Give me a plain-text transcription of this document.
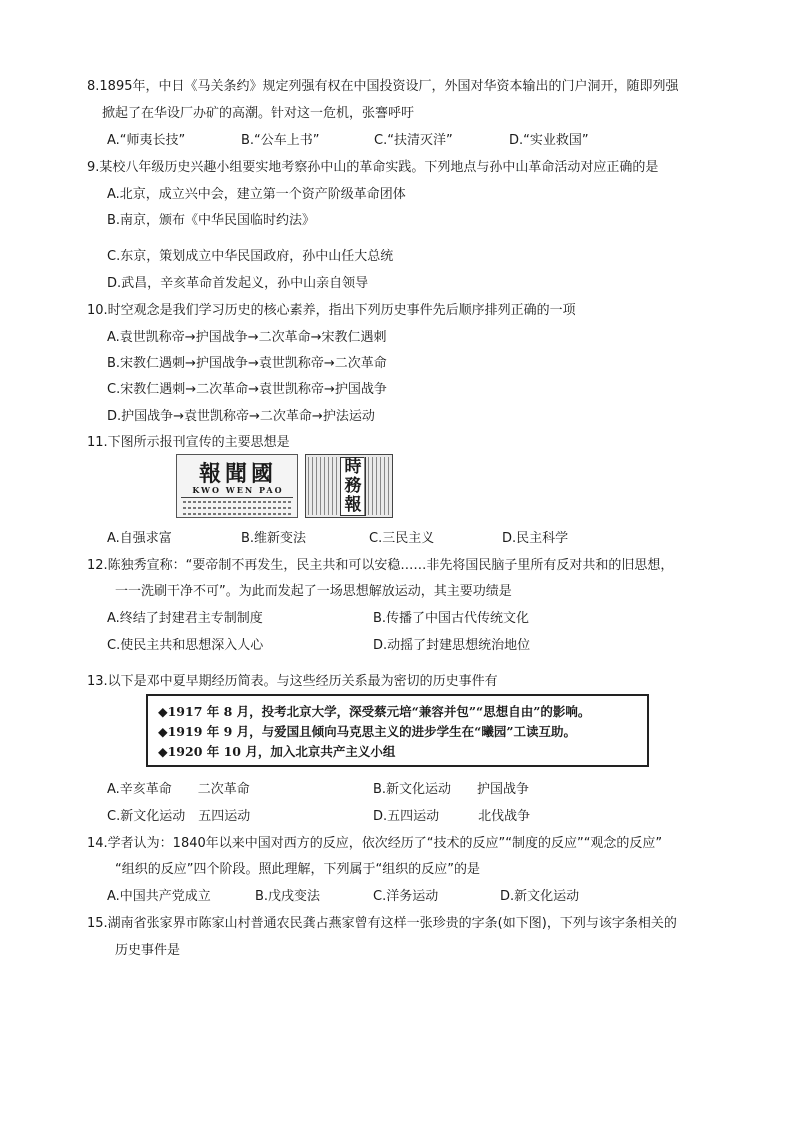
8.1895年，中日《马关条约》规定列强有权在中国投资设厂，外国对华资本输出的门户洞开，随即列强
掀起了在华设厂办矿的高潮。针对这一危机，张謇呼吁
A.“师夷长技”	B.“公车上书”	C.“扶清灭洋”	D.“实业救国”
9.某校八年级历史兴趣小组要实地考察孙中山的革命实践。下列地点与孙中山革命活动对应正确的是
A.北京，成立兴中会，建立第一个资产阶级革命团体
B.南京，颁布《中华民国临时约法》
C.东京，策划成立中华民国政府，孙中山任大总统
D.武昌，辛亥革命首发起义，孙中山亲自领导
10.时空观念是我们学习历史的核心素养，指出下列历史事件先后顺序排列正确的一项
A.袁世凯称帝→护国战争→二次革命→宋教仁遇刺
B.宋教仁遇刺→护国战争→袁世凯称帝→二次革命
C.宋教仁遇刺→二次革命→袁世凯称帝→护国战争
D.护国战争→袁世凯称帝→二次革命→护法运动
11.下图所示报刊宣传的主要思想是
報聞國
KWO WEN PAO
時務報
A.自强求富	B.维新变法	C.三民主义	D.民主科学
12.陈独秀宣称：“要帝制不再发生，民主共和可以安稳……非先将国民脑子里所有反对共和的旧思想，
一一洗刷干净不可”。为此而发起了一场思想解放运动，其主要功绩是
A.终结了封建君主专制制度	B.传播了中国古代传统文化
C.使民主共和思想深入人心	D.动摇了封建思想统治地位
13.以下是邓中夏早期经历简表。与这些经历关系最为密切的历史事件有
◆1917 年 8 月，投考北京大学，深受蔡元培“兼容并包”“思想自由”的影响。
◆1919 年 9 月，与爱国且倾向马克思主义的进步学生在“曦园”工读互助。
◆1920 年 10 月，加入北京共产主义小组
A.辛亥革命　　二次革命	B.新文化运动　　护国战争
C.新文化运动　五四运动	D.五四运动　　　北伐战争
14.学者认为：1840年以来中国对西方的反应，依次经历了“技术的反应”“制度的反应”“观念的反应”
“组织的反应”四个阶段。照此理解，下列属于“组织的反应”的是
A.中国共产党成立	B.戊戌变法	C.洋务运动	D.新文化运动
15.湖南省张家界市陈家山村普通农民龚占燕家曾有这样一张珍贵的字条(如下图)，下列与该字条相关的
历史事件是
